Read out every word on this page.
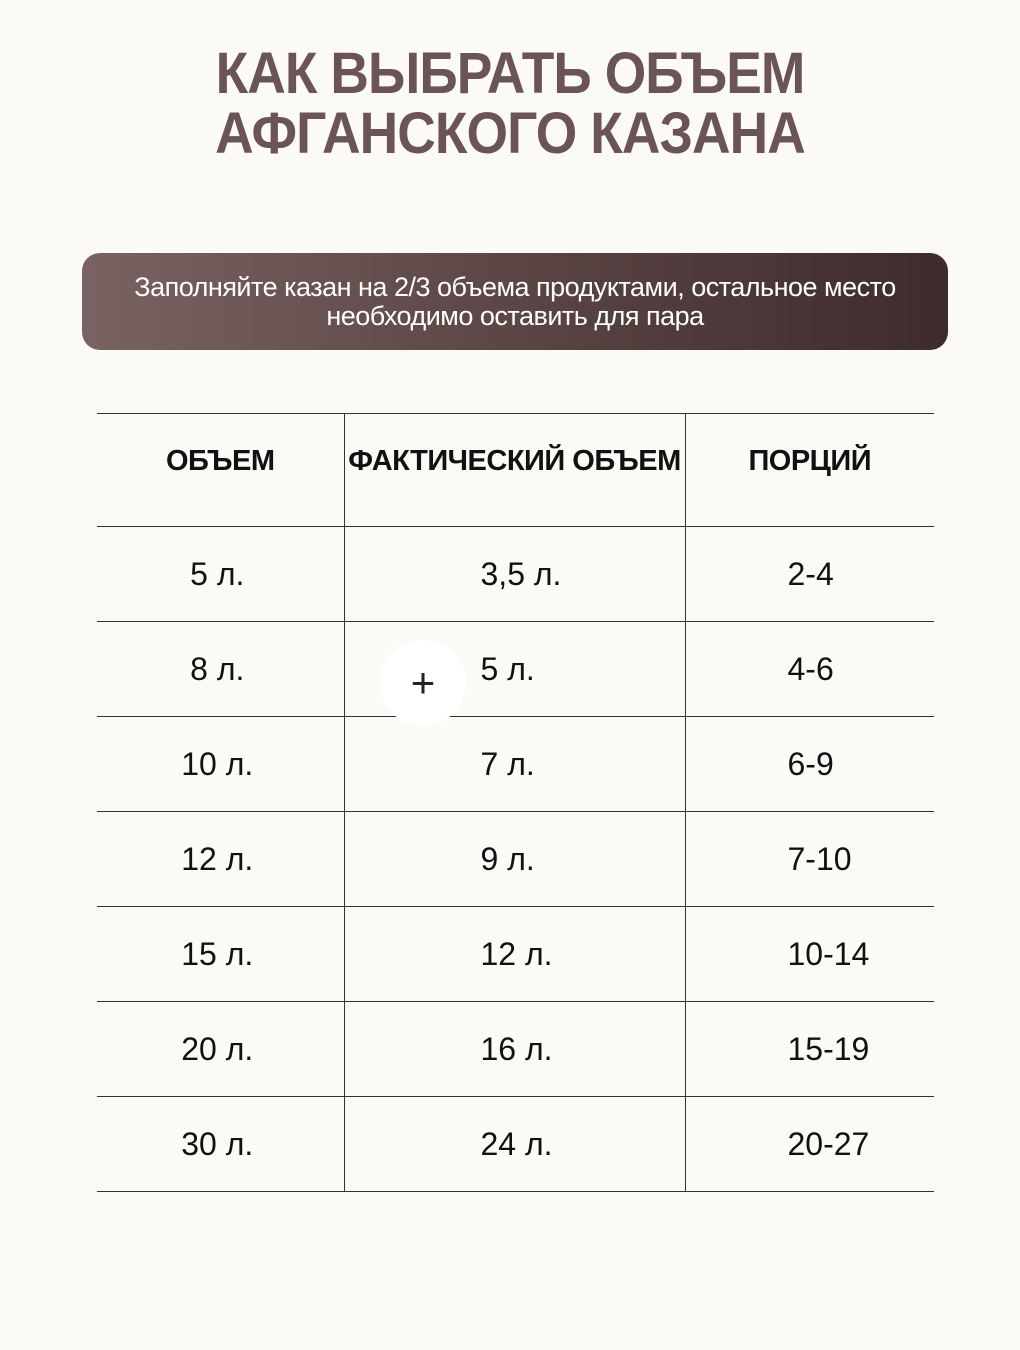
КАК ВЫБРАТЬ ОБЪЕМ
АФГАНСКОГО КАЗАНА
Заполняйте казан на 2/3 объема продуктами, остальное место необходимо оставить для пара
ОБЪЕМ	ФАКТИЧЕСКИЙ ОБЪЕМ	ПОРЦИЙ
5 л.	3,5 л.	2-4
8 л.	5 л.	4-6
10 л.	7 л.	6-9
12 л.	9 л.	7-10
15 л.	12 л.	10-14
20 л.	16 л.	15-19
30 л.	24 л.	20-27
+
